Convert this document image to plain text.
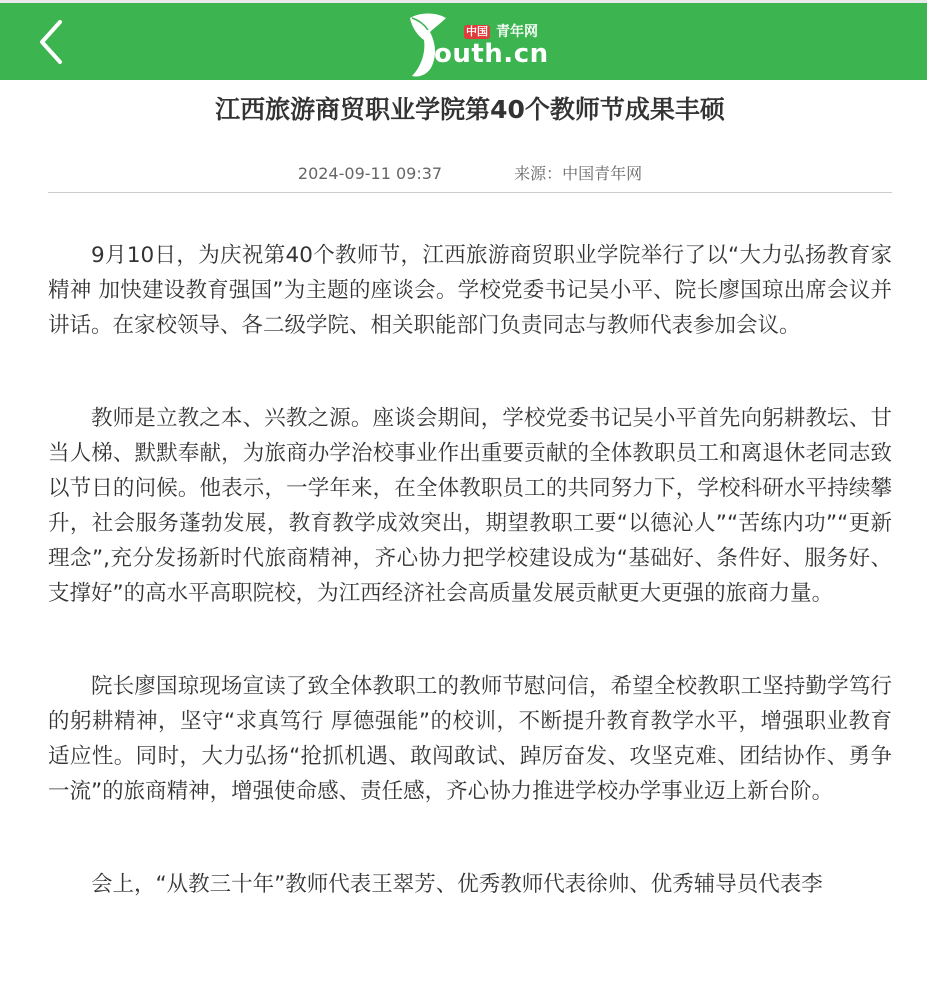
中国 青年网
outh.cn
江西旅游商贸职业学院第40个教师节成果丰硕
2024-09-11 09:37	来源：中国青年网

9月10日，为庆祝第40个教师节，江西旅游商贸职业学院举行了以“大力弘扬教育家精神 加快建设教育强国”为主题的座谈会。学校党委书记吴小平、院长廖国琼出席会议并讲话。在家校领导、各二级学院、相关职能部门负责同志与教师代表参加会议。

教师是立教之本、兴教之源。座谈会期间，学校党委书记吴小平首先向躬耕教坛、甘当人梯、默默奉献，为旅商办学治校事业作出重要贡献的全体教职员工和离退休老同志致以节日的问候。他表示，一学年来，在全体教职员工的共同努力下，学校科研水平持续攀升，社会服务蓬勃发展，教育教学成效突出，期望教职工要“以德沁人”“苦练内功”“更新理念”,充分发扬新时代旅商精神，齐心协力把学校建设成为“基础好、条件好、服务好、支撑好”的高水平高职院校，为江西经济社会高质量发展贡献更大更强的旅商力量。

院长廖国琼现场宣读了致全体教职工的教师节慰问信，希望全校教职工坚持勤学笃行的躬耕精神，坚守“求真笃行 厚德强能”的校训，不断提升教育教学水平，增强职业教育适应性。同时，大力弘扬“抢抓机遇、敢闯敢试、踔厉奋发、攻坚克难、团结协作、勇争一流”的旅商精神，增强使命感、责任感，齐心协力推进学校办学事业迈上新台阶。

会上，“从教三十年”教师代表王翠芳、优秀教师代表徐帅、优秀辅导员代表李
